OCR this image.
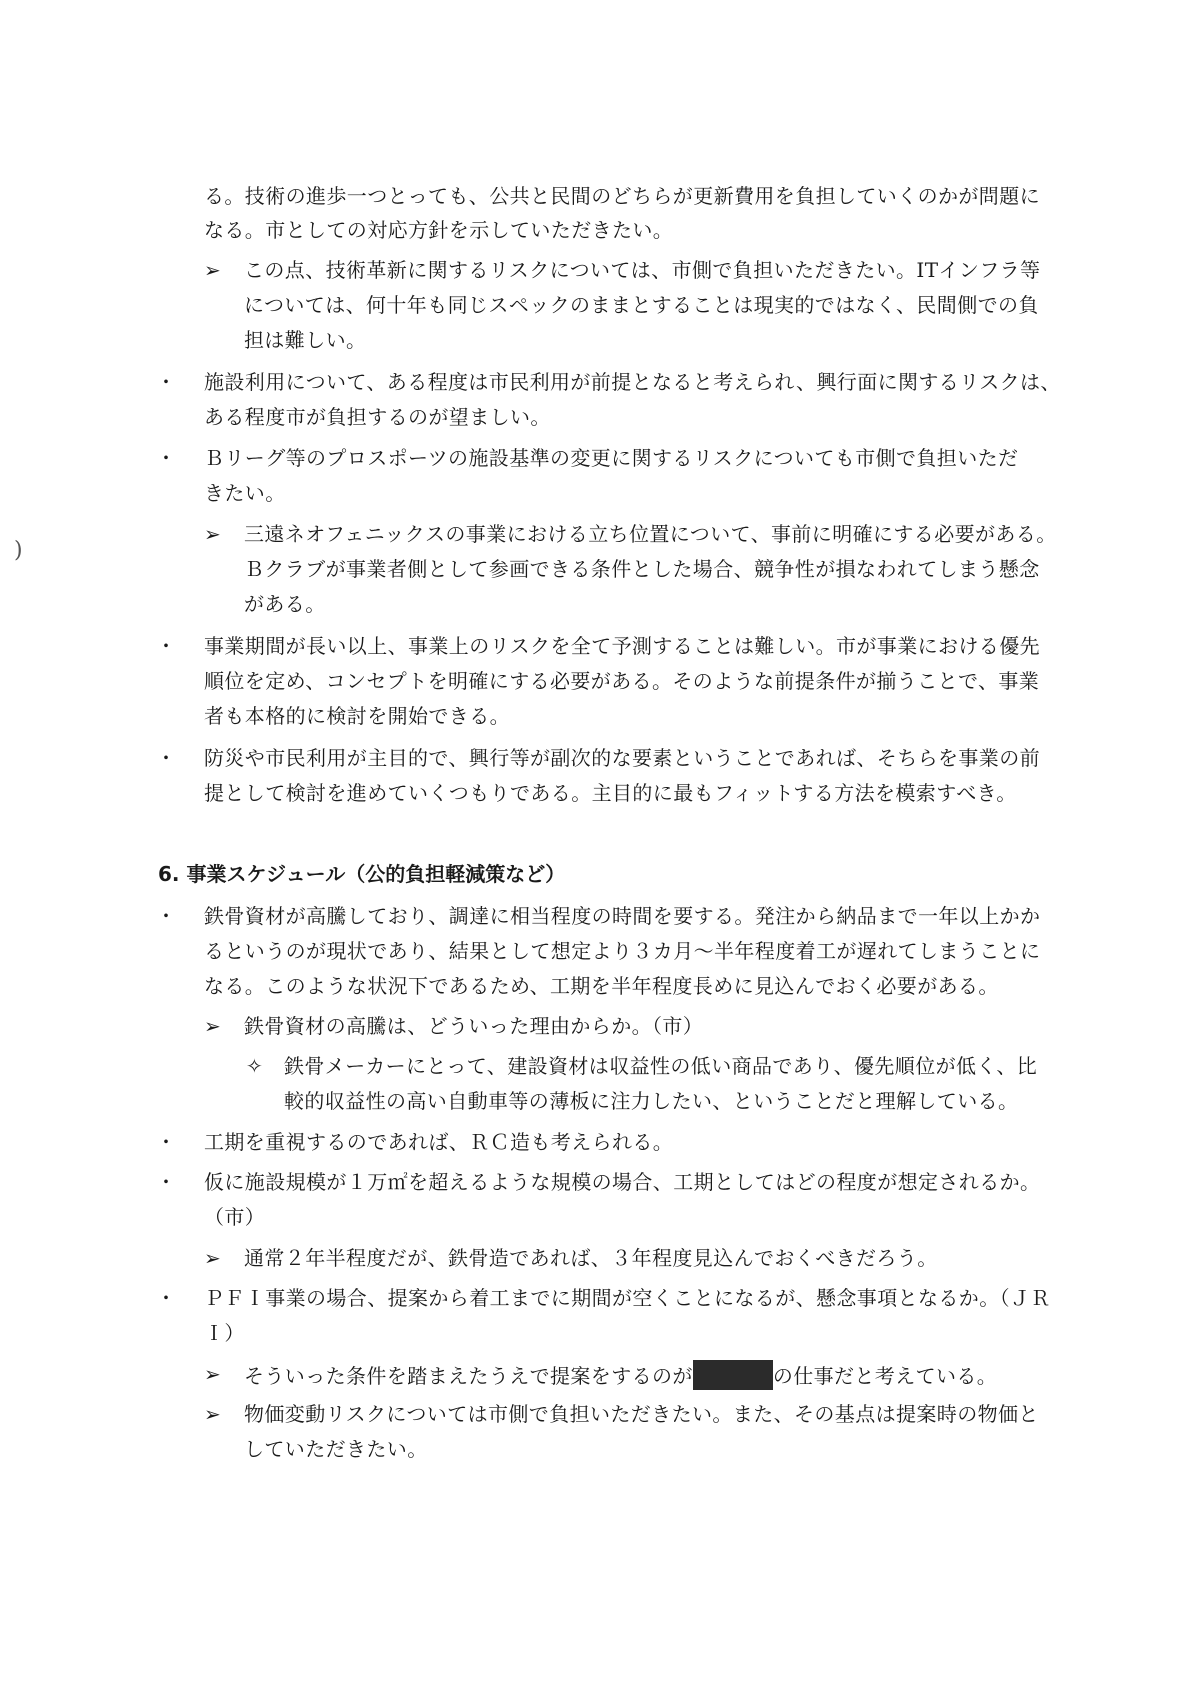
)
る。技術の進歩一つとっても、公共と民間のどちらが更新費用を負担していくのかが問題に
なる。市としての対応方針を示していただきたい。
➢ この点、技術革新に関するリスクについては、市側で負担いただきたい。ITインフラ等
については、何十年も同じスペックのままとすることは現実的ではなく、民間側での負
担は難しい。
・ 施設利用について、ある程度は市民利用が前提となると考えられ、興行面に関するリスクは、
ある程度市が負担するのが望ましい。
・ Ｂリーグ等のプロスポーツの施設基準の変更に関するリスクについても市側で負担いただ
きたい。
➢ 三遠ネオフェニックスの事業における立ち位置について、事前に明確にする必要がある。
Ｂクラブが事業者側として参画できる条件とした場合、競争性が損なわれてしまう懸念
がある。
・ 事業期間が長い以上、事業上のリスクを全て予測することは難しい。市が事業における優先
順位を定め、コンセプトを明確にする必要がある。そのような前提条件が揃うことで、事業
者も本格的に検討を開始できる。
・ 防災や市民利用が主目的で、興行等が副次的な要素ということであれば、そちらを事業の前
提として検討を進めていくつもりである。主目的に最もフィットする方法を模索すべき。
6. 事業スケジュール（公的負担軽減策など）
・ 鉄骨資材が高騰しており、調達に相当程度の時間を要する。発注から納品まで一年以上かか
るというのが現状であり、結果として想定より３カ月～半年程度着工が遅れてしまうことに
なる。このような状況下であるため、工期を半年程度長めに見込んでおく必要がある。
➢ 鉄骨資材の高騰は、どういった理由からか。（市）
✧ 鉄骨メーカーにとって、建設資材は収益性の低い商品であり、優先順位が低く、比
較的収益性の高い自動車等の薄板に注力したい、ということだと理解している。
・ 工期を重視するのであれば、ＲＣ造も考えられる。
・ 仮に施設規模が１万㎡を超えるような規模の場合、工期としてはどの程度が想定されるか。
（市）
➢ 通常２年半程度だが、鉄骨造であれば、３年程度見込んでおくべきだろう。
・ ＰＦＩ事業の場合、提案から着工までに期間が空くことになるが、懸念事項となるか。（ＪＲ
Ｉ）
➢ そういった条件を踏まえたうえで提案をするのが	の仕事だと考えている。
➢ 物価変動リスクについては市側で負担いただきたい。また、その基点は提案時の物価と
していただきたい。
